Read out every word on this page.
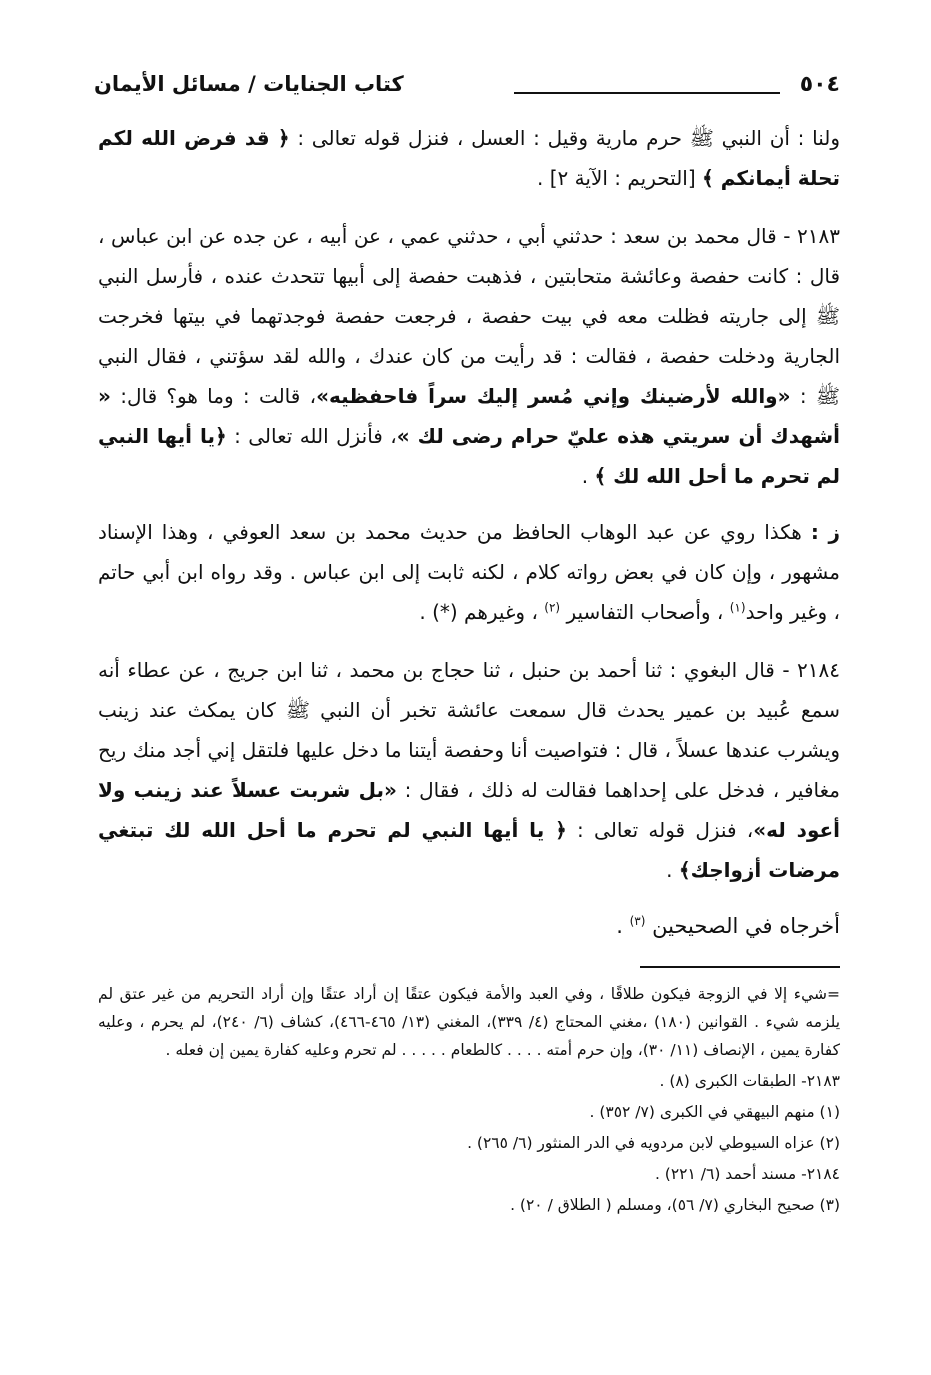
٥٠٤
كتاب الجنايات / مسائل الأيمان

ولنا : أن النبي ﷺ حرم مارية وقيل : العسل ، فنزل قوله تعالى : ﴿ قد فرض الله لكم تحلة أيمانكم ﴾ [التحريم : الآية ٢] .

٢١٨٣ - قال محمد بن سعد : حدثني أبي ، حدثني عمي ، عن أبيه ، عن جده عن ابن عباس ، قال : كانت حفصة وعائشة متحابتين ، فذهبت حفصة إلى أبيها تتحدث عنده ، فأرسل النبي ﷺ إلى جاريته فظلت معه في بيت حفصة ، فرجعت حفصة فوجدتهما في بيتها فخرجت الجارية ودخلت حفصة ، فقالت : قد رأيت من كان عندك ، والله لقد سؤتني ، فقال النبي ﷺ : «والله لأرضينك وإني مُسر إليك سراً فاحفظيه»، قالت : وما هو؟ قال: « أشهدك أن سريتي هذه عليّ حرام رضى لك »، فأنزل الله تعالى : ﴿يا أيها النبي لم تحرم ما أحل الله لك ﴾ .

ز : هكذا روي عن عبد الوهاب الحافظ من حديث محمد بن سعد العوفي ، وهذا الإسناد مشهور ، وإن كان في بعض رواته كلام ، لكنه ثابت إلى ابن عباس . وقد رواه ابن أبي حاتم ، وغير واحد$^{(١)}$ ، وأصحاب التفاسير $^{(٢)}$ ، وغيرهم (*) .

٢١٨٤ - قال البغوي : ثنا أحمد بن حنبل ، ثنا حجاج بن محمد ، ثنا ابن جريج ، عن عطاء أنه سمع عُبيد بن عمير يحدث قال سمعت عائشة تخبر أن النبي ﷺ كان يمكث عند زينب ويشرب عندها عسلاً ، قال : فتواصيت أنا وحفصة أيتنا ما دخل عليها فلتقل إني أجد منك ريح مغافير ، فدخل على إحداهما فقالت له ذلك ، فقال : «بل شربت عسلاً عند زينب ولا أعود له»، فنزل قوله تعالى : ﴿ يا أيها النبي لم تحرم ما أحل الله لك تبتغي مرضات أزواجك﴾ .

أخرجاه في الصحيحين $^{(٣)}$ .

=شيء إلا في الزوجة فيكون طلاقًا ، وفي العبد والأمة فيكون عتقًا إن أراد عتقًا وإن أراد التحريم من غير عتق لم يلزمه شيء . القوانين (١٨٠) ،مغني المحتاج (٤/ ٣٣٩)، المغني (١٣/ ٤٦٥-٤٦٦)، كشاف (٦/ ٢٤٠)، لم يحرم ، وعليه كفارة يمين ، الإنصاف (١١/ ٣٠)، وإن حرم أمته . . . . كالطعام . . . . . لم تحرم وعليه كفارة يمين إن فعله .

٢١٨٣- الطبقات الكبرى (٨) .

(١) منهم البيهقي في الكبرى (٧/ ٣٥٢) .

(٢) عزاه السيوطي لابن مردويه في الدر المنثور (٦/ ٢٦٥) .

٢١٨٤- مسند أحمد (٦/ ٢٢١) .

(٣) صحيح البخاري (٧/ ٥٦)، ومسلم ( الطلاق / ٢٠) .
